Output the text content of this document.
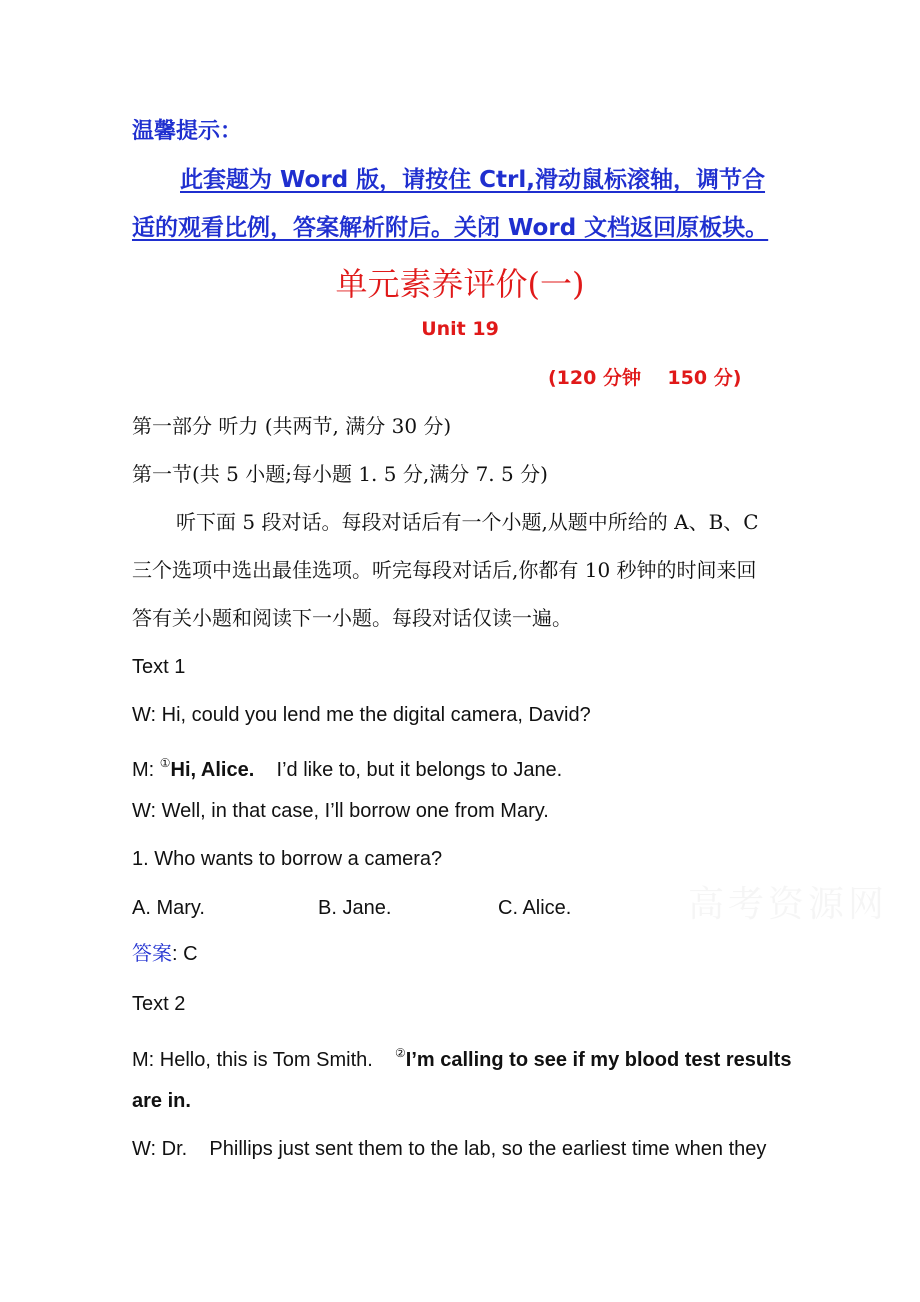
温馨提示：
此套题为 Word 版，请按住 Ctrl,滑动鼠标滚轴，调节合
适的观看比例，答案解析附后。关闭 Word 文档返回原板块。
单元素养评价(一)
Unit 19
(120 分钟    150 分)
第一部分 听力 (共两节, 满分 30 分)
第一节(共 5 小题;每小题 1. 5 分,满分 7. 5 分)
听下面 5 段对话。每段对话后有一个小题,从题中所给的 A、B、C
三个选项中选出最佳选项。听完每段对话后,你都有 10 秒钟的时间来回
答有关小题和阅读下一小题。每段对话仅读一遍。
Text 1
W: Hi, could you lend me the digital camera, David?
M: ①Hi, Alice.    I’d like to, but it belongs to Jane.
W: Well, in that case, I’ll borrow one from Mary.
1. Who wants to borrow a camera?
A. Mary.	B. Jane.	C. Alice.	高考资源网
答案: C
Text 2
M: Hello, this is Tom Smith.    ②I’m calling to see if my blood test results
are in.
W: Dr.    Phillips just sent them to the lab, so the earliest time when they
